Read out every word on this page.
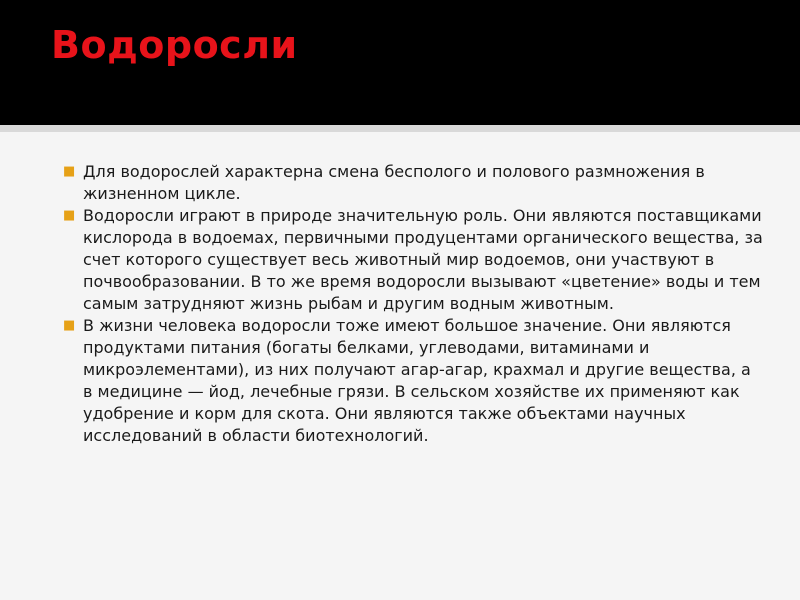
Водоросли
■ Для водорослей характерна смена бесполого и полового размножения в жизненном цикле.
■ Водоросли играют в природе значительную роль. Они являются поставщиками кислорода в водоемах, первичными продуцентами органического вещества, за счет которого существует весь животный мир водоемов, они участвуют в почвообразовании. В то же время водоросли вызывают «цветение» воды и тем самым затрудняют жизнь рыбам и другим водным животным.
■ В жизни человека водоросли тоже имеют большое значение. Они являются продуктами питания (богаты белками, углеводами, витаминами и микроэлементами), из них получают агар-агар, крахмал и другие вещества, а в медицине — йод, лечебные грязи. В сельском хозяйстве их применяют как удобрение и корм для скота. Они являются также объектами научных исследований в области биотехнологий.
